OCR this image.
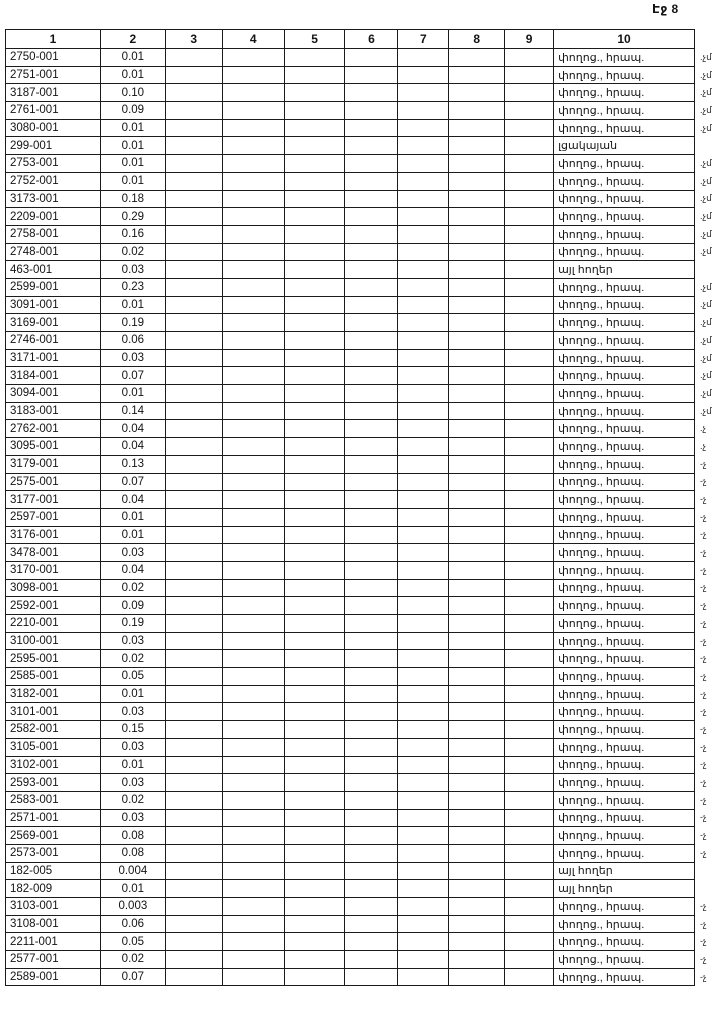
Էջ 8
1	2	3	4	5	6	7	8	9	10	
2750-001	0.01								փողոց., հրապ.	.չմ
2751-001	0.01								փողոց., հրապ.	.չմ
3187-001	0.10								փողոց., հրապ.	.չմ
2761-001	0.09								փողոց., հրապ.	.չմ
3080-001	0.01								փողոց., հրապ.	.չմ
299-001	0.01								լցակայան	
2753-001	0.01								փողոց., հրապ.	.չմ
2752-001	0.01								փողոց., հրապ.	.չմ
3173-001	0.18								փողոց., հրապ.	.չմ
2209-001	0.29								փողոց., հրապ.	.չմ
2758-001	0.16								փողոց., հրապ.	.չմ
2748-001	0.02								փողոց., հրապ.	.չմ
463-001	0.03								այլ հողեր	
2599-001	0.23								փողոց., հրապ.	.չմ
3091-001	0.01								փողոց., հրապ.	.չմ
3169-001	0.19								փողոց., հրապ.	.չմ
2746-001	0.06								փողոց., հրապ.	.չմ
3171-001	0.03								փողոց., հրապ.	.չմ
3184-001	0.07								փողոց., հրապ.	.չմ
3094-001	0.01								փողոց., հրապ.	.չմ
3183-001	0.14								փողոց., հրապ.	.չմ
2762-001	0.04								փողոց., հրապ.	.չ
3095-001	0.04								փողոց., հրապ.	.չ
3179-001	0.13								փողոց., հրապ.	-չ
2575-001	0.07								փողոց., հրապ.	-չ
3177-001	0.04								փողոց., հրապ.	-չ
2597-001	0.01								փողոց., հրապ.	-չ
3176-001	0.01								փողոց., հրապ.	-չ
3478-001	0.03								փողոց., հրապ.	-չ
3170-001	0.04								փողոց., հրապ.	-չ
3098-001	0.02								փողոց., հրապ.	-չ
2592-001	0.09								փողոց., հրապ.	-չ
2210-001	0.19								փողոց., հրապ.	-չ
3100-001	0.03								փողոց., հրապ.	-չ
2595-001	0.02								փողոց., հրապ.	-չ
2585-001	0.05								փողոց., հրապ.	-չ
3182-001	0.01								փողոց., հրապ.	-չ
3101-001	0.03								փողոց., հրապ.	-չ
2582-001	0.15								փողոց., հրապ.	-չ
3105-001	0.03								փողոց., հրապ.	-չ
3102-001	0.01								փողոց., հրապ.	-չ
2593-001	0.03								փողոց., հրապ.	-չ
2583-001	0.02								փողոց., հրապ.	-չ
2571-001	0.03								փողոց., հրապ.	-չ
2569-001	0.08								փողոց., հրապ.	-չ
2573-001	0.08								փողոց., հրապ.	-չ
182-005	0.004								այլ հողեր	
182-009	0.01								այլ հողեր	
3103-001	0.003								փողոց., հրապ.	-չ
3108-001	0.06								փողոց., հրապ.	-չ
2211-001	0.05								փողոց., հրապ.	-չ
2577-001	0.02								փողոց., հրապ.	-չ
2589-001	0.07								փողոց., հրապ.	-չ
